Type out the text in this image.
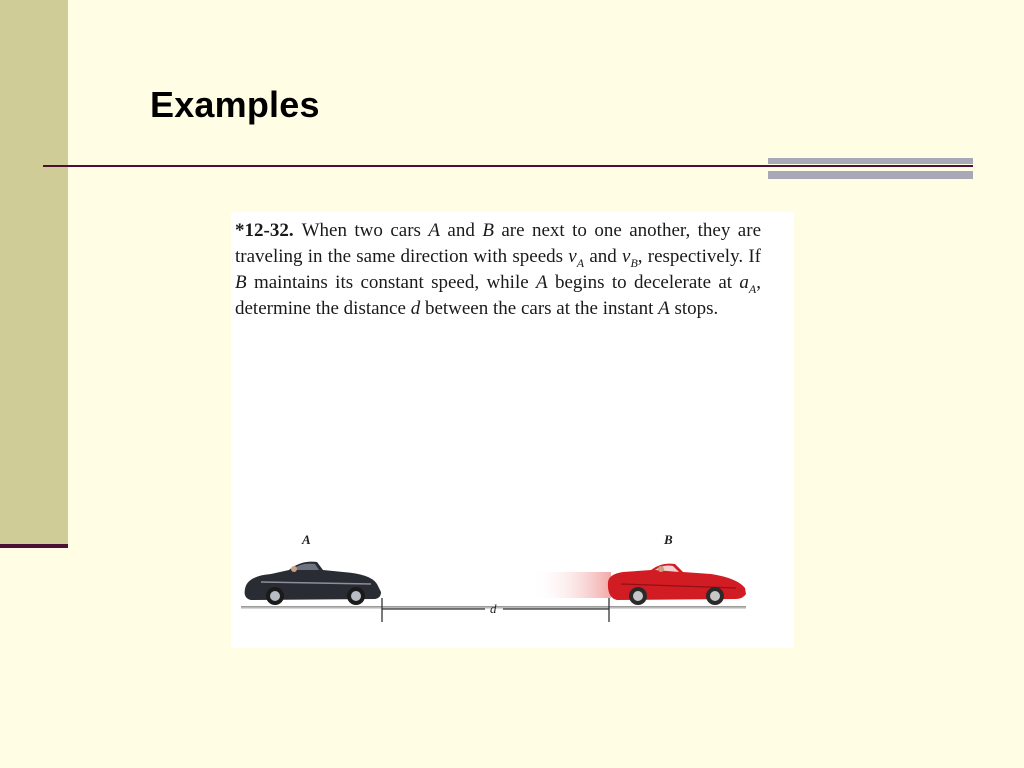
Examples
*12-32. When two cars A and B are next to one another, they are traveling in the same direction with speeds $v_A$ and $v_B$, respectively. If B maintains its constant speed, while A begins to decelerate at $a_A$, determine the distance d between the cars at the instant A stops.
A	B
d
